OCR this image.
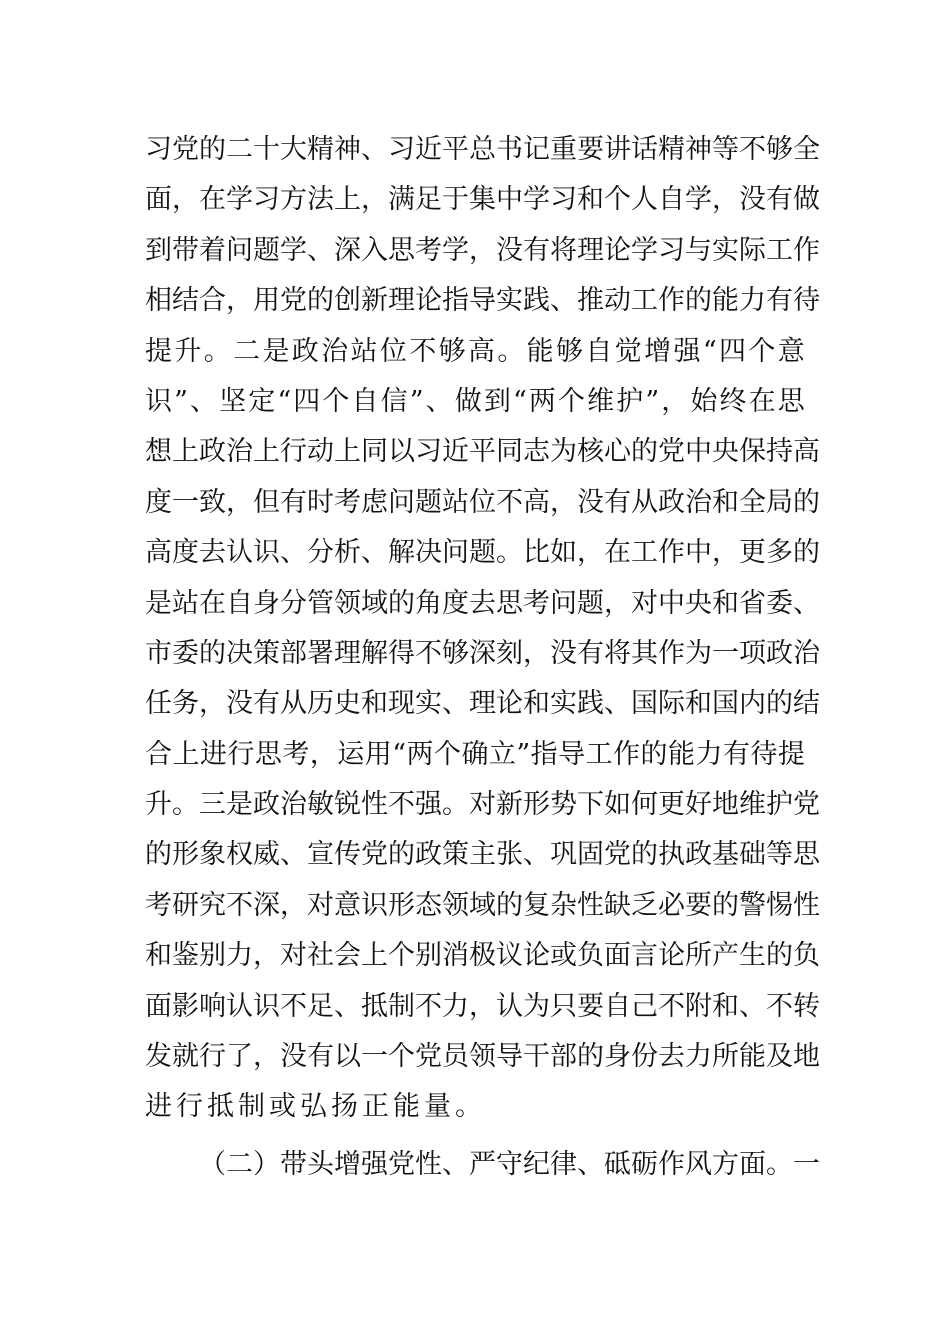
习 党 的 二 十 大 精 神 、 习 近 平 总 书 记 重 要 讲 话 精 神 等 不 够 全
面 ， 在 学 习 方 法 上 ， 满 足 于 集 中 学 习 和 个 人 自 学 ， 没 有 做
到 带 着 问 题 学 、 深 入 思 考 学 ， 没 有 将 理 论 学 习 与 实 际 工 作
相 结 合 ， 用 党 的 创 新 理 论 指 导 实 践 、 推 动 工 作 的 能 力 有 待
提 升 。 二 是 政 治 站 位 不 够 高 。 能 够 自 觉 增 强 “ 四 个 意
识 ” 、 坚 定 “ 四 个 自 信 ” 、 做 到 “ 两 个 维 护 ” ， 始 终 在 思
想 上 政 治 上 行 动 上 同 以 习 近 平 同 志 为 核 心 的 党 中 央 保 持 高
度 一 致 ， 但 有 时 考 虑 问 题 站 位 不 高 ， 没 有 从 政 治 和 全 局 的
高 度 去 认 识 、 分 析 、 解 决 问 题 。 比 如 ， 在 工 作 中 ， 更 多 的
是 站 在 自 身 分 管 领 域 的 角 度 去 思 考 问 题 ， 对 中 央 和 省 委 、
市 委 的 决 策 部 署 理 解 得 不 够 深 刻 ， 没 有 将 其 作 为 一 项 政 治
任 务 ， 没 有 从 历 史 和 现 实 、 理 论 和 实 践 、 国 际 和 国 内 的 结
合 上 进 行 思 考 ， 运 用 “ 两 个 确 立 ” 指 导 工 作 的 能 力 有 待 提
升 。 三 是 政 治 敏 锐 性 不 强 。 对 新 形 势 下 如 何 更 好 地 维 护 党
的 形 象 权 威 、 宣 传 党 的 政 策 主 张 、 巩 固 党 的 执 政 基 础 等 思
考 研 究 不 深 ， 对 意 识 形 态 领 域 的 复 杂 性 缺 乏 必 要 的 警 惕 性
和 鉴 别 力 ， 对 社 会 上 个 别 消 极 议 论 或 负 面 言 论 所 产 生 的 负
面 影 响 认 识 不 足 、 抵 制 不 力 ， 认 为 只 要 自 己 不 附 和 、 不 转
发 就 行 了 ， 没 有 以 一 个 党 员 领 导 干 部 的 身 份 去 力 所 能 及 地
进行抵制或弘扬正能量。
（ 二 ） 带 头 增 强 党 性 、 严 守 纪 律 、 砥 砺 作 风 方 面 。 一
